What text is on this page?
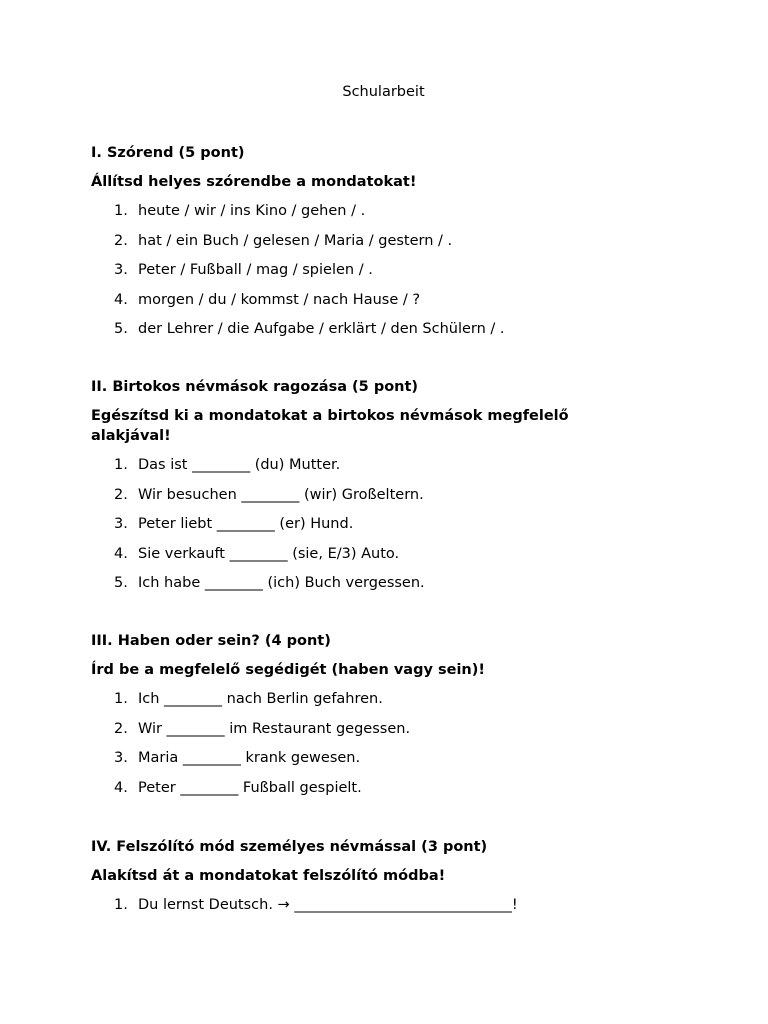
Schularbeit
I. Szórend (5 pont)
Állítsd helyes szórendbe a mondatokat!
1. heute / wir / ins Kino / gehen / .
2. hat / ein Buch / gelesen / Maria / gestern / .
3. Peter / Fußball / mag / spielen / .
4. morgen / du / kommst / nach Hause / ?
5. der Lehrer / die Aufgabe / erklärt / den Schülern / .
II. Birtokos névmások ragozása (5 pont)
Egészítsd ki a mondatokat a birtokos névmások megfelelő alakjával!
1. Das ist ________ (du) Mutter.
2. Wir besuchen ________ (wir) Großeltern.
3. Peter liebt ________ (er) Hund.
4. Sie verkauft ________ (sie, E/3) Auto.
5. Ich habe ________ (ich) Buch vergessen.
III. Haben oder sein? (4 pont)
Írd be a megfelelő segédigét (haben vagy sein)!
1. Ich ________ nach Berlin gefahren.
2. Wir ________ im Restaurant gegessen.
3. Maria ________ krank gewesen.
4. Peter ________ Fußball gespielt.
IV. Felszólító mód személyes névmással (3 pont)
Alakítsd át a mondatokat felszólító módba!
1. Du lernst Deutsch. → ______________________________!
